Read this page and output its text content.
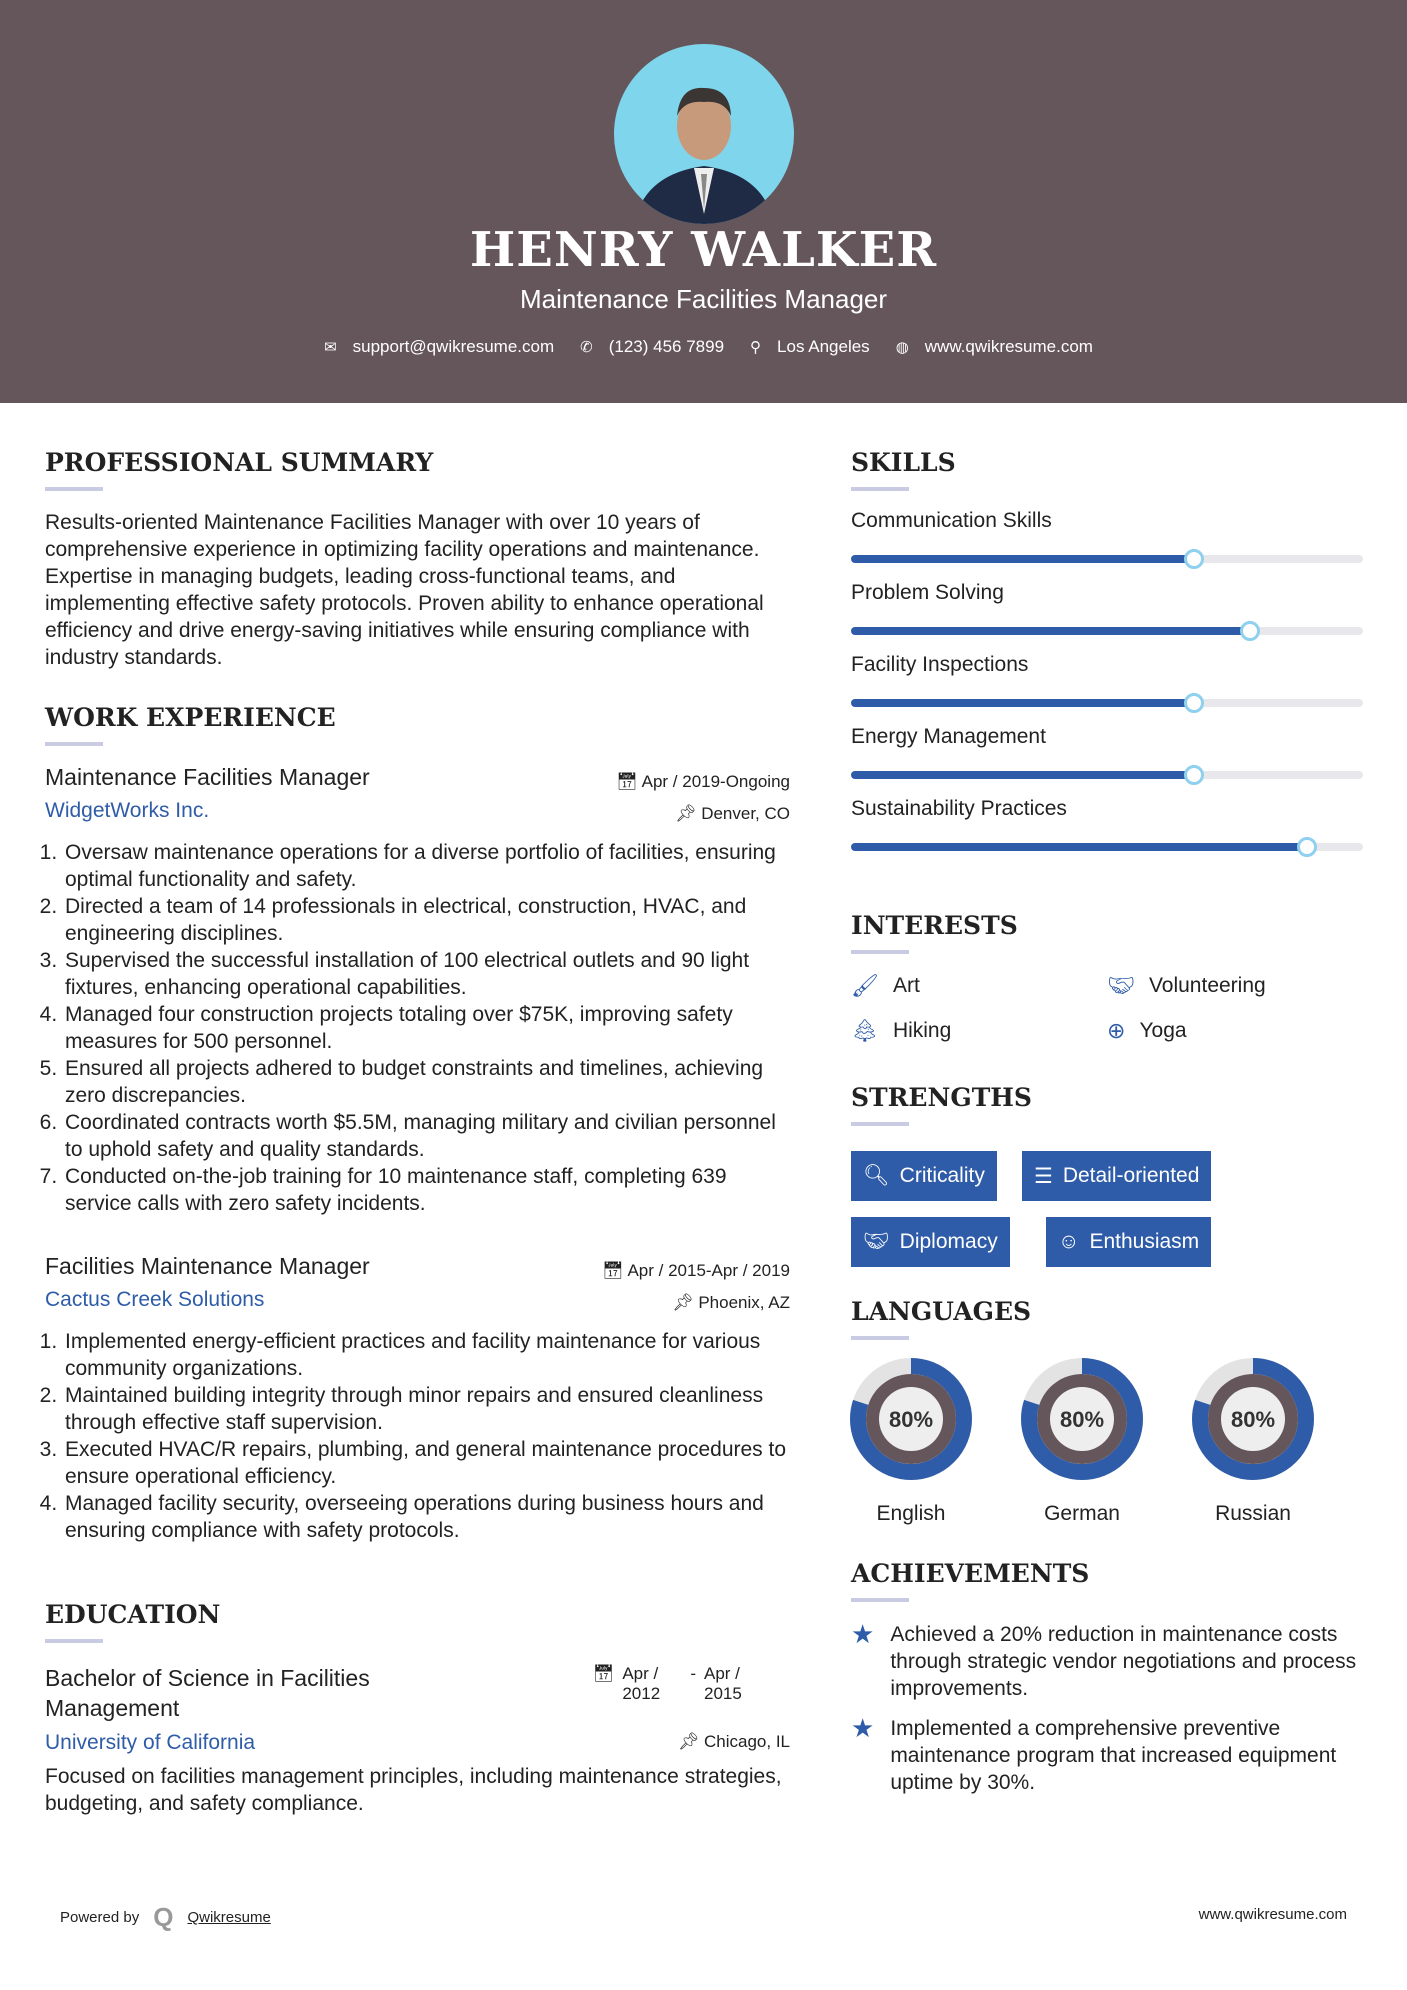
HENRY WALKER
Maintenance Facilities Manager
✉ support@qwikresume.com ✆ (123) 456 7899 ⚲ Los Angeles ◍ www.qwikresume.com
PROFESSIONAL SUMMARY
Results-oriented Maintenance Facilities Manager with over 10 years of comprehensive experience in optimizing facility operations and maintenance. Expertise in managing budgets, leading cross-functional teams, and implementing effective safety protocols. Proven ability to enhance operational efficiency and drive energy-saving initiatives while ensuring compliance with industry standards.
WORK EXPERIENCE
Maintenance Facilities Manager	📅︎ Apr / 2019-Ongoing
WidgetWorks Inc.	📌︎ Denver, CO
1. Oversaw maintenance operations for a diverse portfolio of facilities, ensuring optimal functionality and safety.
2. Directed a team of 14 professionals in electrical, construction, HVAC, and engineering disciplines.
3. Supervised the successful installation of 100 electrical outlets and 90 light fixtures, enhancing operational capabilities.
4. Managed four construction projects totaling over $75K, improving safety measures for 500 personnel.
5. Ensured all projects adhered to budget constraints and timelines, achieving zero discrepancies.
6. Coordinated contracts worth $5.5M, managing military and civilian personnel to uphold safety and quality standards.
7. Conducted on-the-job training for 10 maintenance staff, completing 639 service calls with zero safety incidents.
Facilities Maintenance Manager	📅︎ Apr / 2015-Apr / 2019
Cactus Creek Solutions	📌︎ Phoenix, AZ
1. Implemented energy-efficient practices and facility maintenance for various community organizations.
2. Maintained building integrity through minor repairs and ensured cleanliness through effective staff supervision.
3. Executed HVAC/R repairs, plumbing, and general maintenance procedures to ensure operational efficiency.
4. Managed facility security, overseeing operations during business hours and ensuring compliance with safety protocols.
EDUCATION
Bachelor of Science in Facilities Management
📅︎ Apr / 2012
- Apr / 2015
University of California	📌︎ Chicago, IL
Focused on facilities management principles, including maintenance strategies, budgeting, and safety compliance.
SKILLS
Communication Skills
Problem Solving
Facility Inspections
Energy Management
Sustainability Practices
INTERESTS
🖌︎ Art	🤝︎ Volunteering
🌲︎ Hiking	⊕ Yoga
STRENGTHS
🔍︎ Criticality ☰ Detail-oriented
🤝︎ Diplomacy	☺ Enthusiasm
LANGUAGES
80%
English
80%
German
80%
Russian
ACHIEVEMENTS
★ Achieved a 20% reduction in maintenance costs through strategic vendor negotiations and process improvements.
★ Implemented a comprehensive preventive maintenance program that increased equipment uptime by 30%.
Powered by Q Qwikresume	www.qwikresume.com
